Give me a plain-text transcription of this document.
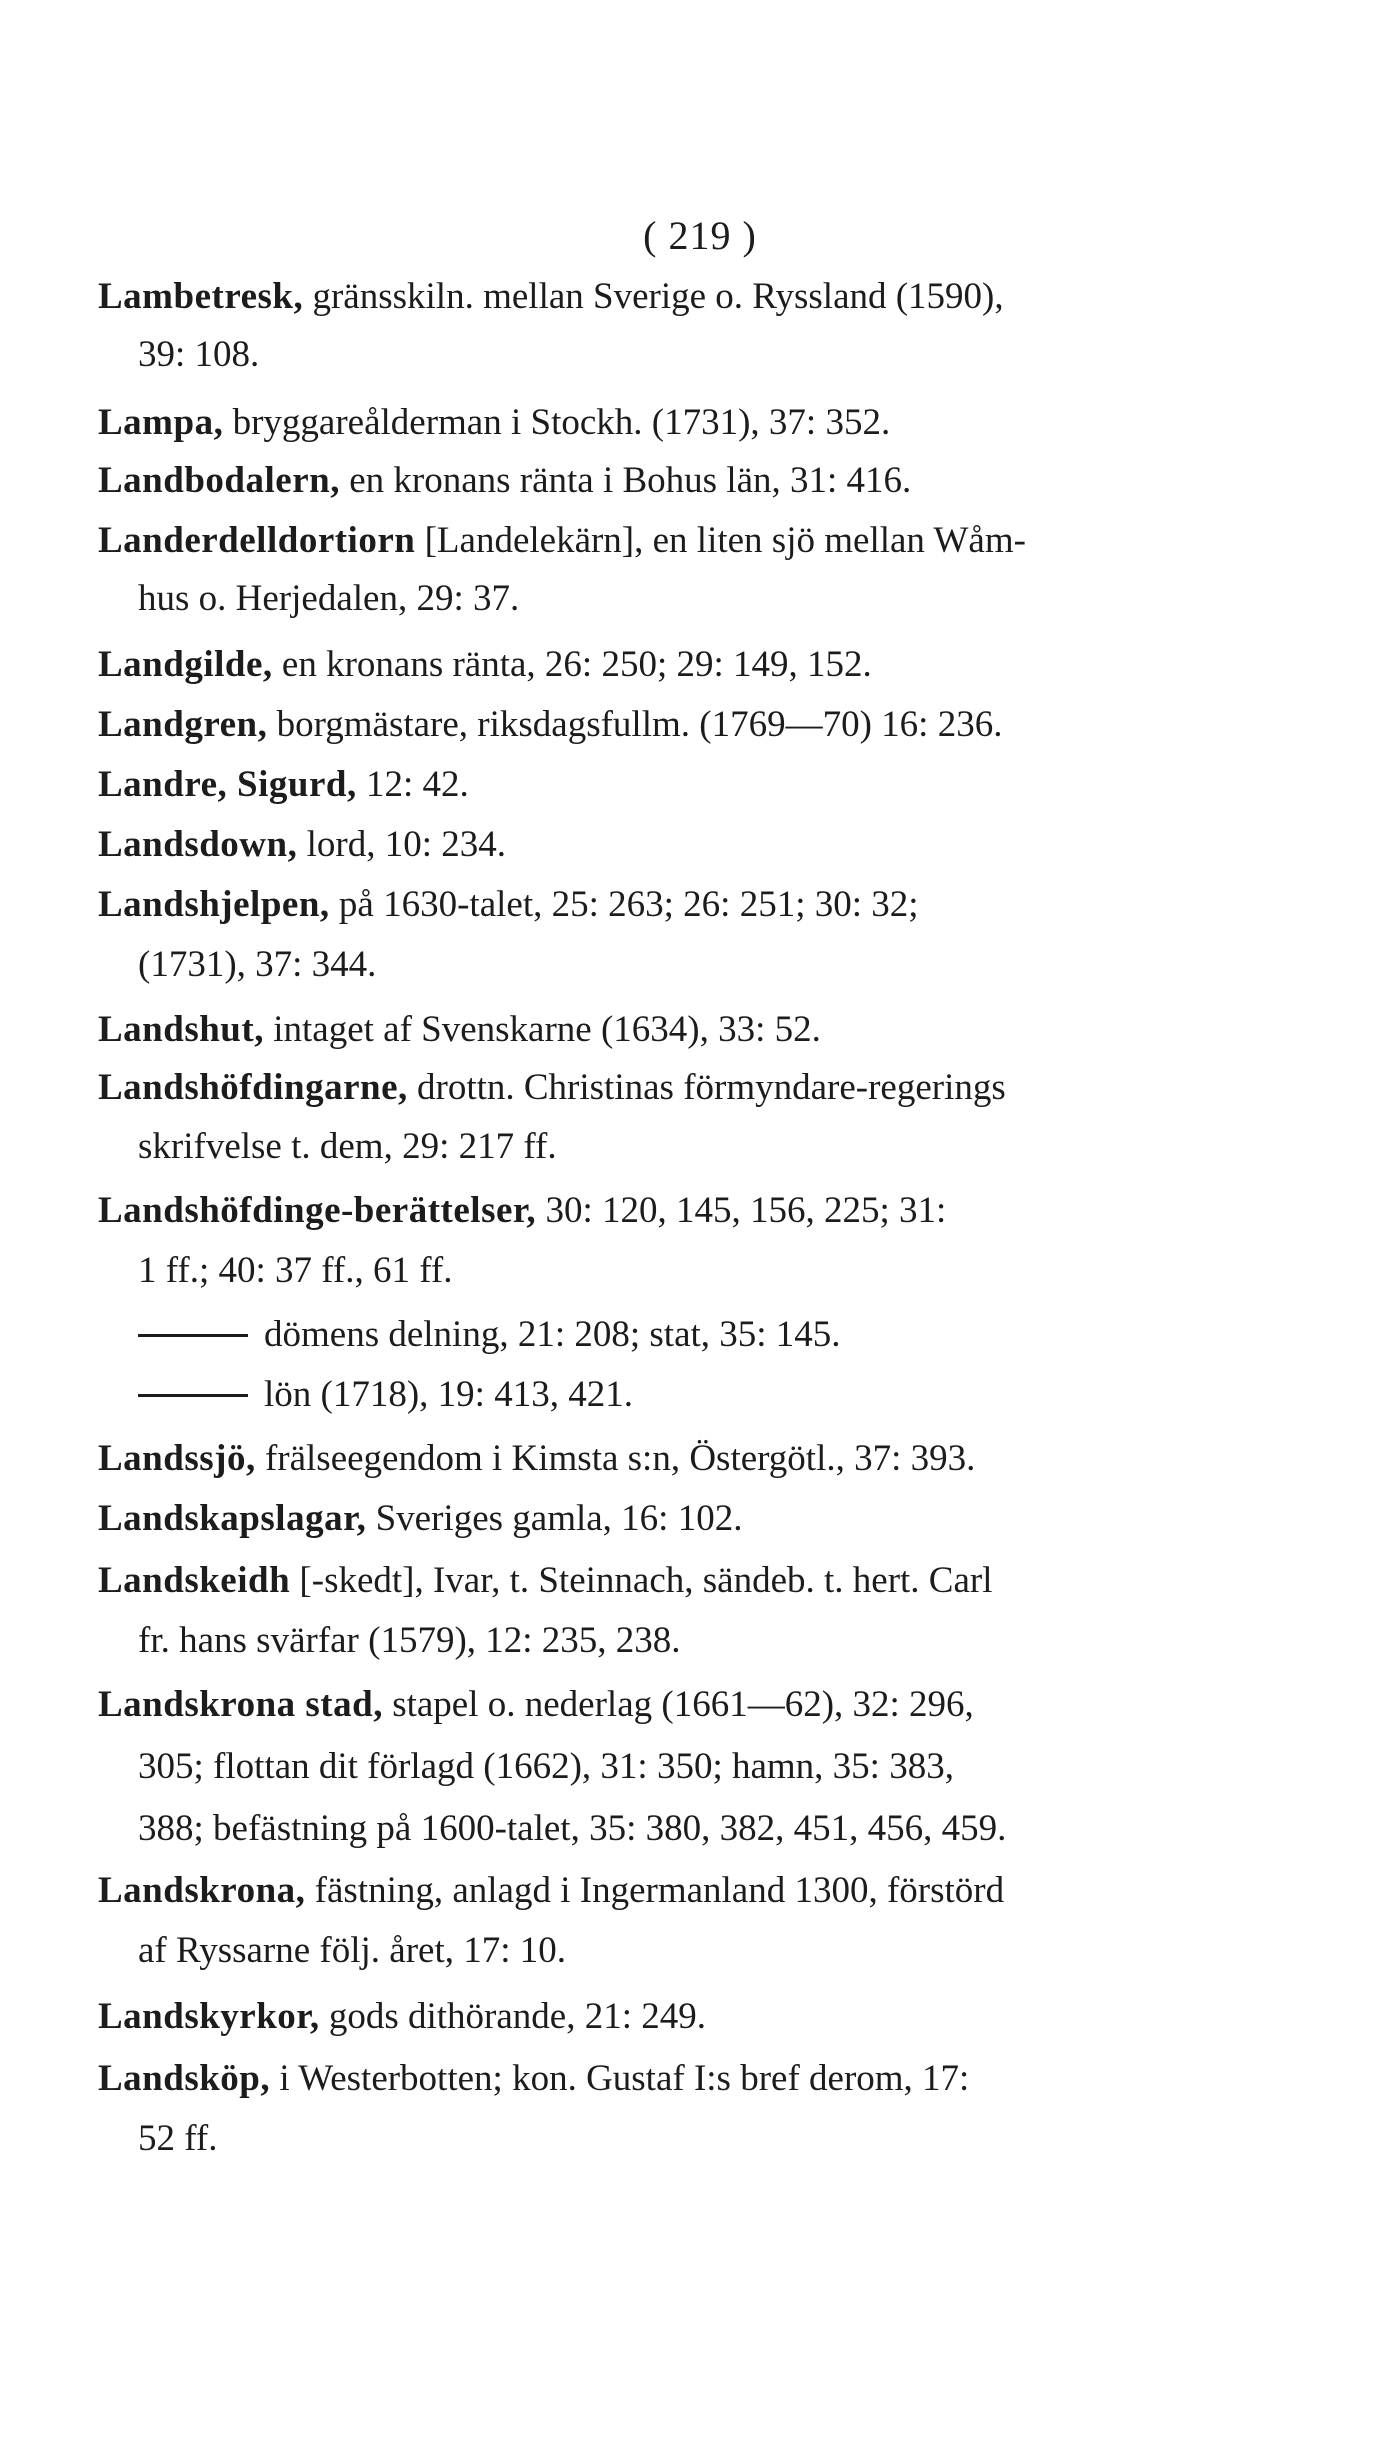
( 219 )
Lambetresk, gränsskiln. mellan Sverige o. Ryssland (1590),
39: 108.
Lampa, bryggareålderman i Stockh. (1731), 37: 352.
Landbodalern, en kronans ränta i Bohus län, 31: 416.
Landerdelldortiorn [Landelekärn], en liten sjö mellan Wåm-
hus o. Herjedalen, 29: 37.
Landgilde, en kronans ränta, 26: 250; 29: 149, 152.
Landgren, borgmästare, riksdagsfullm. (1769—70) 16: 236.
Landre, Sigurd, 12: 42.
Landsdown, lord, 10: 234.
Landshjelpen, på 1630-talet, 25: 263; 26: 251; 30: 32;
(1731), 37: 344.
Landshut, intaget af Svenskarne (1634), 33: 52.
Landshöfdingarne, drottn. Christinas förmyndare-regerings
skrifvelse t. dem, 29: 217 ff.
Landshöfdinge-berättelser, 30: 120, 145, 156, 225; 31:
1 ff.; 40: 37 ff., 61 ff.
dömens delning, 21: 208; stat, 35: 145.
lön (1718), 19: 413, 421.
Landssjö, frälseegendom i Kimsta s:n, Östergötl., 37: 393.
Landskapslagar, Sveriges gamla, 16: 102.
Landskeidh [-skedt], Ivar, t. Steinnach, sändeb. t. hert. Carl
fr. hans svärfar (1579), 12: 235, 238.
Landskrona stad, stapel o. nederlag (1661—62), 32: 296,
305; flottan dit förlagd (1662), 31: 350; hamn, 35: 383,
388; befästning på 1600-talet, 35: 380, 382, 451, 456, 459.
Landskrona, fästning, anlagd i Ingermanland 1300, förstörd
af Ryssarne följ. året, 17: 10.
Landskyrkor, gods dithörande, 21: 249.
Landsköp, i Westerbotten; kon. Gustaf I:s bref derom, 17:
52 ff.
